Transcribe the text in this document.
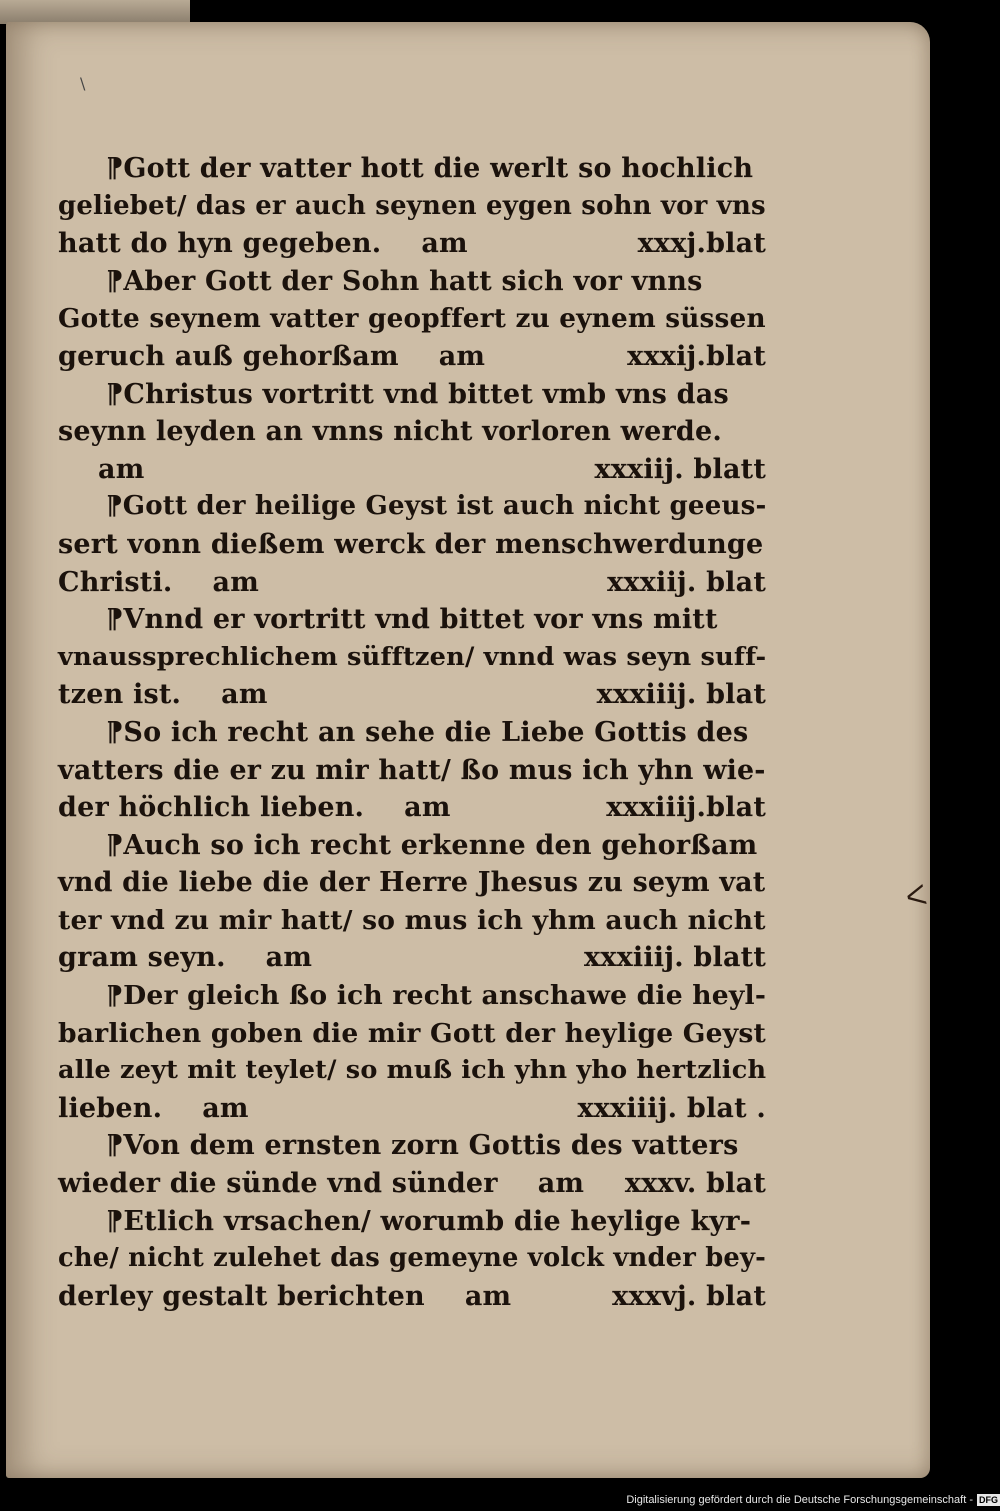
\
⁋Gott der vatter hott die werlt so hochlich
geliebet/ das er auch seynen eygen sohn vor vns
hatt do hyn gegeben. am	xxxj.blat
⁋Aber Gott der Sohn hatt sich vor vnns
Gotte seynem vatter geopffert zu eynem süssen
geruch auß gehorßam am	xxxij.blat
⁋Christus vortritt vnd bittet vmb vns das
seynn leyden an vnns nicht vorloren werde.
am	xxxiij. blatt
⁋Gott der heilige Geyst ist auch nicht geeus-
sert vonn dießem werck der menschwerdunge
Christi. am	xxxiij. blat
⁋Vnnd er vortritt vnd bittet vor vns mitt
vnaussprechlichem süfftzen/ vnnd was seyn suff-
tzen ist. am	xxxiiij. blat
⁋So ich recht an sehe die Liebe Gottis des
vatters die er zu mir hatt/ ßo mus ich yhn wie-
der höchlich lieben. am	xxxiiij.blat
⁋Auch so ich recht erkenne den gehorßam
vnd die liebe die der Herre Jhesus zu seym vat
ter vnd zu mir hatt/ so mus ich yhm auch nicht
gram seyn. am	xxxiiij. blatt
⁋Der gleich ßo ich recht anschawe die heyl-
barlichen goben die mir Gott der heylige Geyst
alle zeyt mit teylet/ so muß ich yhn yho hertzlich
lieben. am	xxxiiij. blat .
⁋Von dem ernsten zorn Gottis des vatters
wieder die sünde vnd sünder am xxxv. blat
⁋Etlich vrsachen/ worumb die heylige kyr-
che/ nicht zulehet das gemeyne volck vnder bey-
derley gestalt berichten am	xxxvj. blat
ᐸ
Digitalisierung gefördert durch die Deutsche Forschungsgemeinschaft - DFG
